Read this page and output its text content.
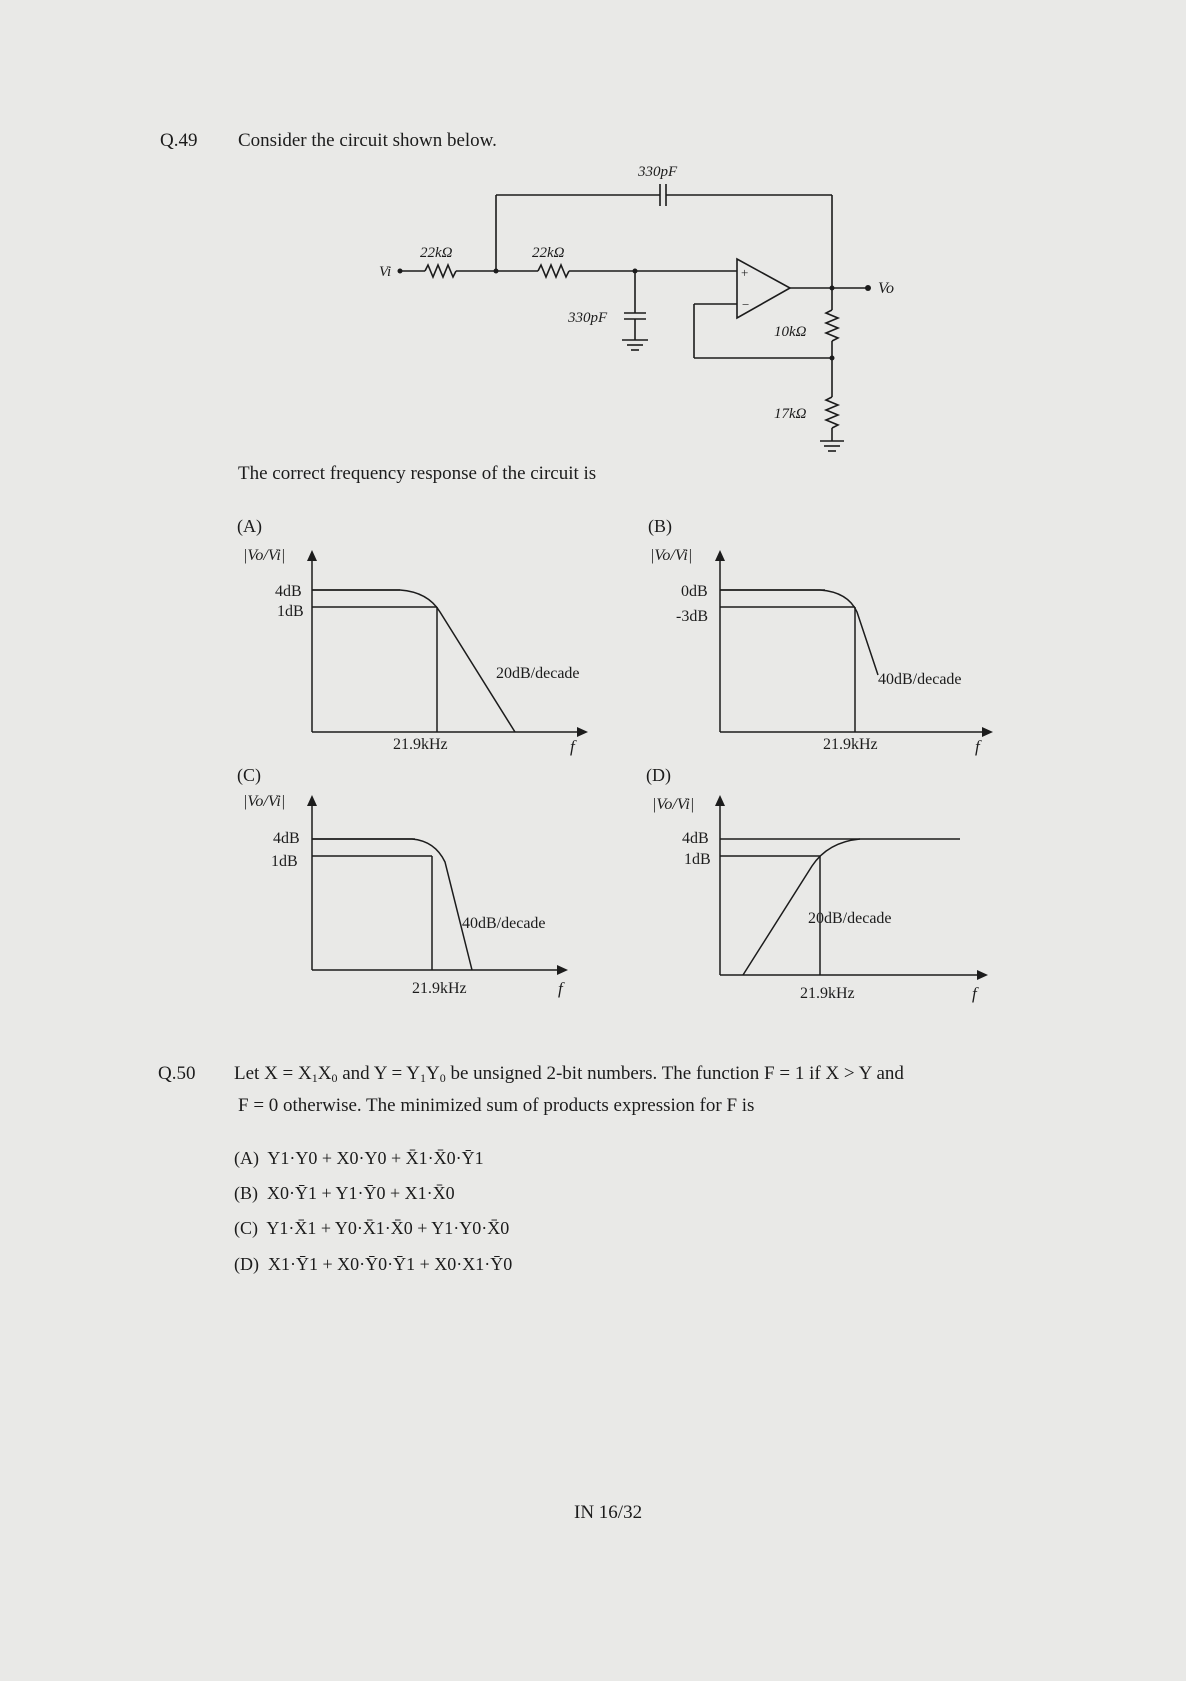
Q.49 Consider the circuit shown below.
330pF
22kΩ	22kΩ
Vi
330pF
Vo
10kΩ
17kΩ
+
−
The correct frequency response of the circuit is
(A)
|Vo/Vi|
4dB
1dB
20dB/decade
21.9kHz	f
(B)
|Vo/Vi|
0dB
-3dB
40dB/decade
21.9kHz	f
(C)
|Vo/Vi|
4dB
1dB
40dB/decade
21.9kHz	f
(D)
|Vo/Vi|
4dB
1dB
20dB/decade
21.9kHz	f
Q.50 Let $X = X_1X_0$ and $Y = Y_1Y_0$ be unsigned 2-bit numbers. The function F = 1 if X > Y and
F = 0 otherwise. The minimized sum of products expression for F is
(A) Y1·Y0 + X0·Y0 + X̄1·X̄0·Ȳ1
(B) X0·Ȳ1 + Y1·Ȳ0 + X1·X̄0
(C) Y1·X̄1 + Y0·X̄1·X̄0 + Y1·Y0·X̄0
(D) X1·Ȳ1 + X0·Ȳ0·Ȳ1 + X0·X1·Ȳ0
IN 16/32
